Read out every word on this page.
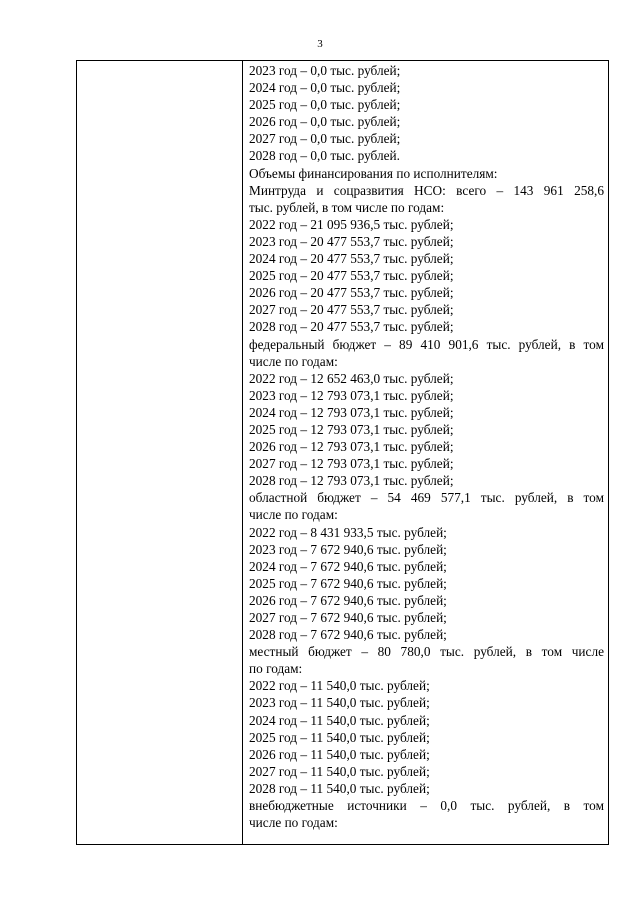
3
2023 год – 0,0 тыс. рублей;
2024 год – 0,0 тыс. рублей;
2025 год – 0,0 тыс. рублей;
2026 год – 0,0 тыс. рублей;
2027 год – 0,0 тыс. рублей;
2028 год – 0,0 тыс. рублей.
Объемы финансирования по исполнителям:
Минтруда и соцразвития НСО: всего – 143 961 258,6
тыс. рублей, в том числе по годам:
2022 год – 21 095 936,5 тыс. рублей;
2023 год – 20 477 553,7 тыс. рублей;
2024 год – 20 477 553,7 тыс. рублей;
2025 год – 20 477 553,7 тыс. рублей;
2026 год – 20 477 553,7 тыс. рублей;
2027 год – 20 477 553,7 тыс. рублей;
2028 год – 20 477 553,7 тыс. рублей;
федеральный бюджет – 89 410 901,6 тыс. рублей, в том
числе по годам:
2022 год – 12 652 463,0 тыс. рублей;
2023 год – 12 793 073,1 тыс. рублей;
2024 год – 12 793 073,1 тыс. рублей;
2025 год – 12 793 073,1 тыс. рублей;
2026 год – 12 793 073,1 тыс. рублей;
2027 год – 12 793 073,1 тыс. рублей;
2028 год – 12 793 073,1 тыс. рублей;
областной бюджет – 54 469 577,1 тыс. рублей, в том
числе по годам:
2022 год – 8 431 933,5 тыс. рублей;
2023 год – 7 672 940,6 тыс. рублей;
2024 год – 7 672 940,6 тыс. рублей;
2025 год – 7 672 940,6 тыс. рублей;
2026 год – 7 672 940,6 тыс. рублей;
2027 год – 7 672 940,6 тыс. рублей;
2028 год – 7 672 940,6 тыс. рублей;
местный бюджет – 80 780,0 тыс. рублей, в том числе
по годам:
2022 год – 11 540,0 тыс. рублей;
2023 год – 11 540,0 тыс. рублей;
2024 год – 11 540,0 тыс. рублей;
2025 год – 11 540,0 тыс. рублей;
2026 год – 11 540,0 тыс. рублей;
2027 год – 11 540,0 тыс. рублей;
2028 год – 11 540,0 тыс. рублей;
внебюджетные источники – 0,0 тыс. рублей, в том
числе по годам:
